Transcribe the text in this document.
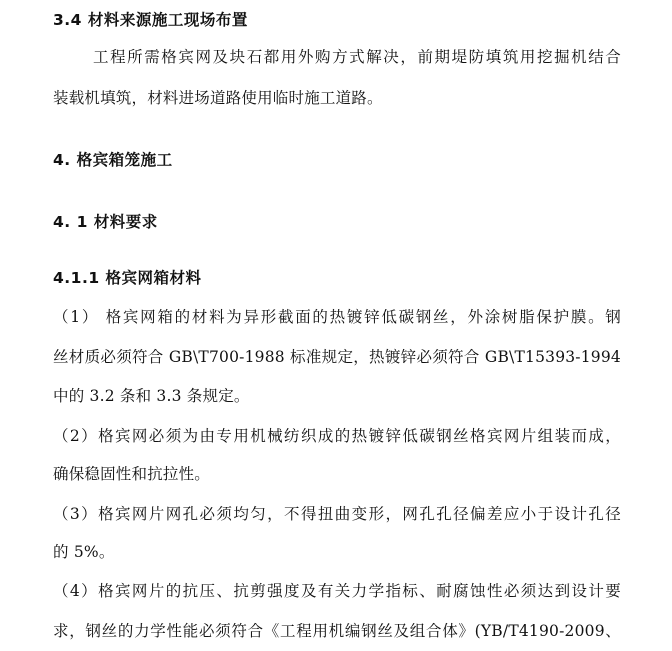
3.4 材料来源施工现场布置
工程所需格宾网及块石都用外购方式解决，前期堤防填筑用挖掘机结合
装载机填筑，材料进场道路使用临时施工道路。
4. 格宾箱笼施工
4. 1 材料要求
4.1.1 格宾网箱材料
（1） 格宾网箱的材料为异形截面的热镀锌低碳钢丝，外涂树脂保护膜。钢
丝材质必须符合 GB\T700-1988 标准规定，热镀锌必须符合 GB\T15393-1994
中的 3.2 条和 3.3 条规定。
（2）格宾网必须为由专用机械纺织成的热镀锌低碳钢丝格宾网片组装而成，
确保稳固性和抗拉性。
（3）格宾网片网孔必须均匀，不得扭曲变形，网孔孔径偏差应小于设计孔径
的 5%。
（4）格宾网片的抗压、抗剪强度及有关力学指标、耐腐蚀性必须达到设计要
求，钢丝的力学性能必须符合《工程用机编钢丝及组合体》(YB/T4190-2009、
